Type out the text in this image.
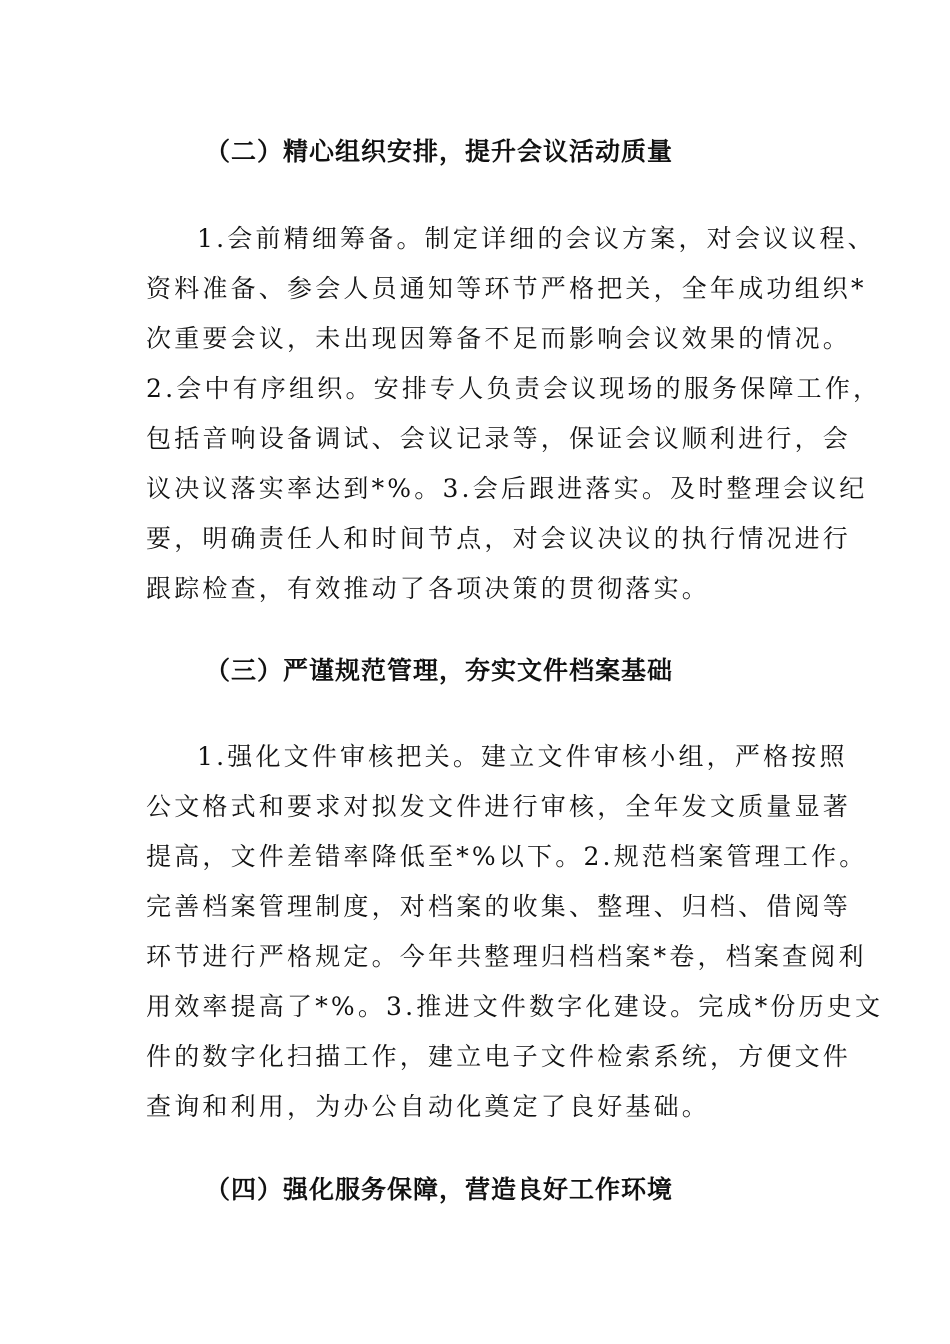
（二）精心组织安排，提升会议活动质量
1.会前精细筹备。制定详细的会议方案，对会议议程、
资料准备、参会人员通知等环节严格把关，全年成功组织*
次重要会议，未出现因筹备不足而影响会议效果的情况。
2.会中有序组织。安排专人负责会议现场的服务保障工作，
包括音响设备调试、会议记录等，保证会议顺利进行，会
议决议落实率达到*%。3.会后跟进落实。及时整理会议纪
要，明确责任人和时间节点，对会议决议的执行情况进行
跟踪检查，有效推动了各项决策的贯彻落实。
（三）严谨规范管理，夯实文件档案基础
1.强化文件审核把关。建立文件审核小组，严格按照
公文格式和要求对拟发文件进行审核，全年发文质量显著
提高，文件差错率降低至*%以下。2.规范档案管理工作。
完善档案管理制度，对档案的收集、整理、归档、借阅等
环节进行严格规定。今年共整理归档档案*卷，档案查阅利
用效率提高了*%。3.推进文件数字化建设。完成*份历史文
件的数字化扫描工作，建立电子文件检索系统，方便文件
查询和利用，为办公自动化奠定了良好基础。
（四）强化服务保障，营造良好工作环境
